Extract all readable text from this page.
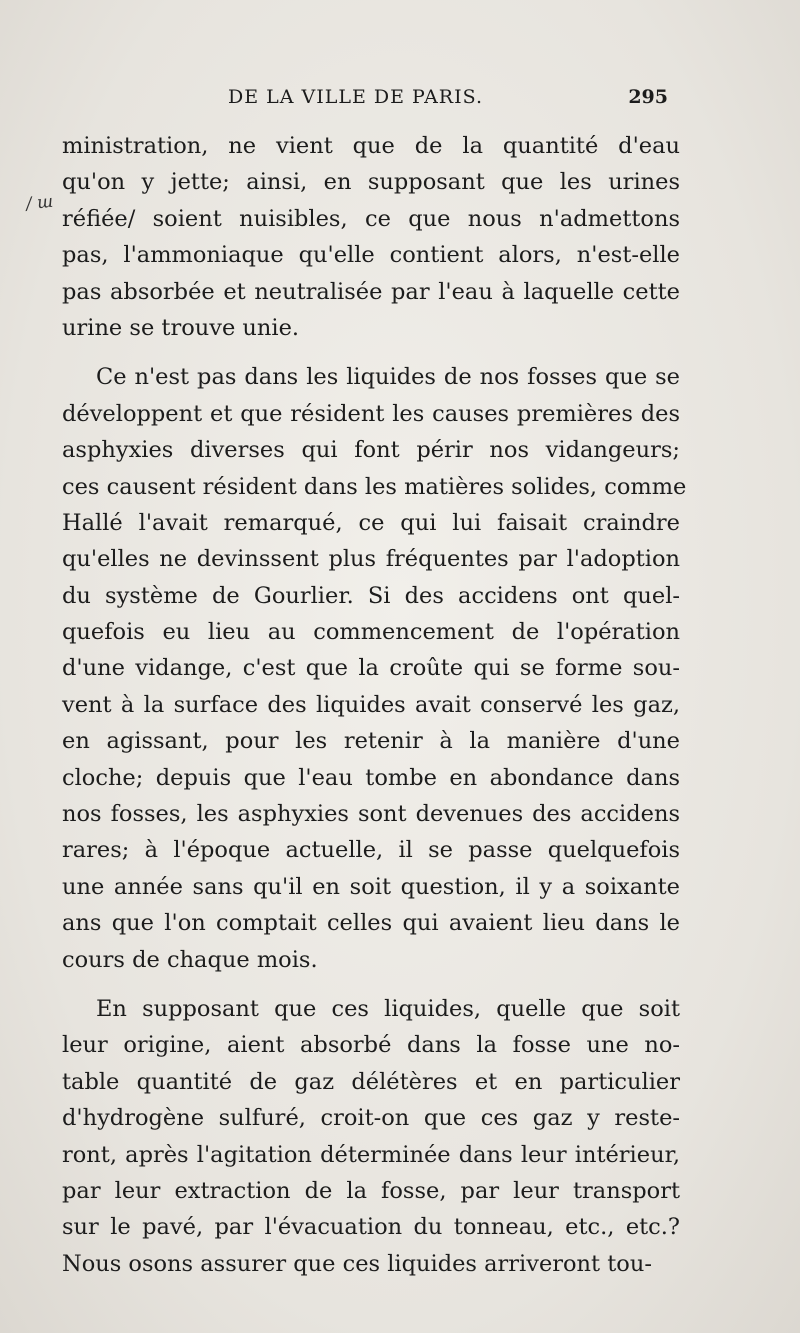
DE LA VILLE DE PARIS.	295
/ ш
ministration, ne vient que de la quantité d'eau
qu'on y jette; ainsi, en supposant que les urines
réfiée/ soient nuisibles, ce que nous n'admettons
pas, l'ammoniaque qu'elle contient alors, n'est-elle
pas absorbée et neutralisée par l'eau à laquelle cette
urine se trouve unie.
Ce n'est pas dans les liquides de nos fosses que se
développent et que résident les causes premières des
asphyxies diverses qui font périr nos vidangeurs;
ces causent résident dans les matières solides, comme
Hallé l'avait remarqué, ce qui lui faisait craindre
qu'elles ne devinssent plus fréquentes par l'adoption
du système de Gourlier. Si des accidens ont quel-
quefois eu lieu au commencement de l'opération
d'une vidange, c'est que la croûte qui se forme sou-
vent à la surface des liquides avait conservé les gaz,
en agissant, pour les retenir à la manière d'une
cloche; depuis que l'eau tombe en abondance dans
nos fosses, les asphyxies sont devenues des accidens
rares; à l'époque actuelle, il se passe quelquefois
une année sans qu'il en soit question, il y a soixante
ans que l'on comptait celles qui avaient lieu dans le
cours de chaque mois.
En supposant que ces liquides, quelle que soit
leur origine, aient absorbé dans la fosse une no-
table quantité de gaz délétères et en particulier
d'hydrogène sulfuré, croit-on que ces gaz y reste-
ront, après l'agitation déterminée dans leur intérieur,
par leur extraction de la fosse, par leur transport
sur le pavé, par l'évacuation du tonneau, etc., etc.?
Nous osons assurer que ces liquides arriveront tou-
